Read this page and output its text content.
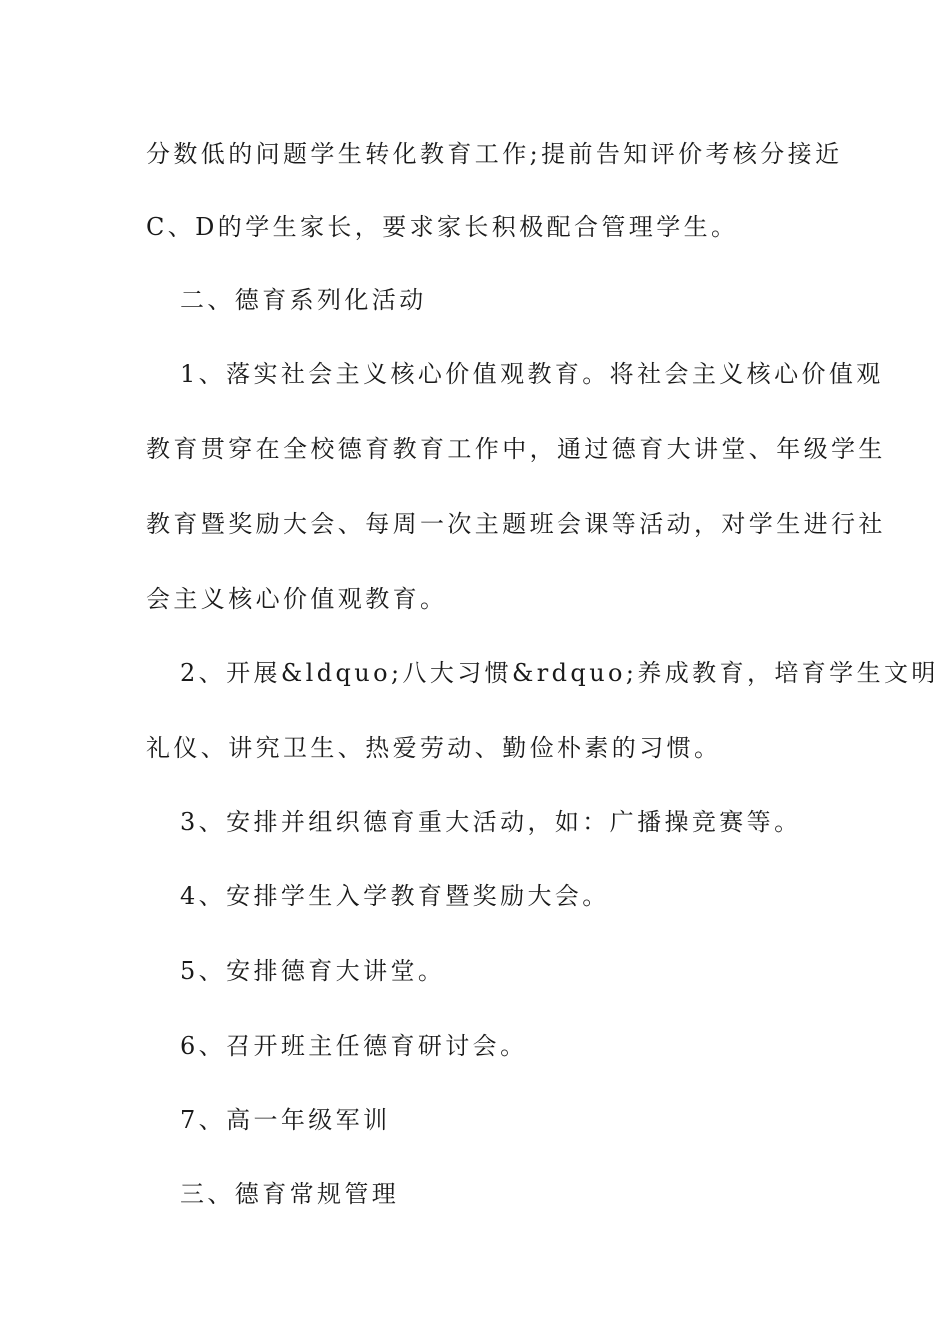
分数低的问题学生转化教育工作;提前告知评价考核分接近
C、D的学生家长，要求家长积极配合管理学生。
二、德育系列化活动
1、落实社会主义核心价值观教育。将社会主义核心价值观
教育贯穿在全校德育教育工作中，通过德育大讲堂、年级学生
教育暨奖励大会、每周一次主题班会课等活动，对学生进行社
会主义核心价值观教育。
2、开展&ldquo;八大习惯&rdquo;养成教育，培育学生文明
礼仪、讲究卫生、热爱劳动、勤俭朴素的习惯。
3、安排并组织德育重大活动，如：广播操竞赛等。
4、安排学生入学教育暨奖励大会。
5、安排德育大讲堂。
6、召开班主任德育研讨会。
7、高一年级军训
三、德育常规管理
